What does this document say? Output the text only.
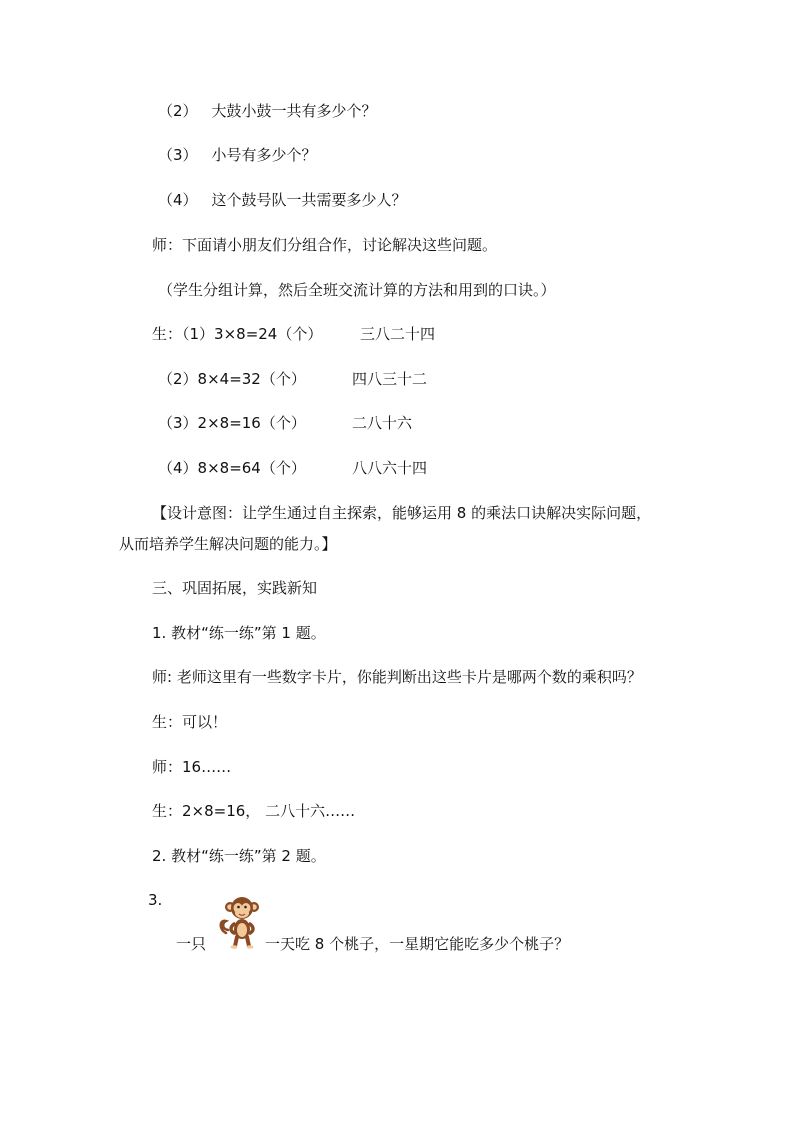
（2） 大鼓小鼓一共有多少个？
（3） 小号有多少个？
（4） 这个鼓号队一共需要多少人？
师：下面请小朋友们分组合作，讨论解决这些问题。
（学生分组计算，然后全班交流计算的方法和用到的口诀。）
生：（1）3×8=24（个）	三八二十四
（2）8×4=32（个）	四八三十二
（3）2×8=16（个）	二八十六
（4）8×8=64（个）	八八六十四
【设计意图：让学生通过自主探索，能够运用 8 的乘法口诀解决实际问题，
从而培养学生解决问题的能力。】
三、巩固拓展，实践新知
1. 教材“练一练”第 1 题。
师: 老师这里有一些数字卡片，你能判断出这些卡片是哪两个数的乘积吗？
生：可以！
师：16……
生：2×8=16， 二八十六……
2. 教材“练一练”第 2 题。
3.
一只	一天吃 8 个桃子，一星期它能吃多少个桃子？
